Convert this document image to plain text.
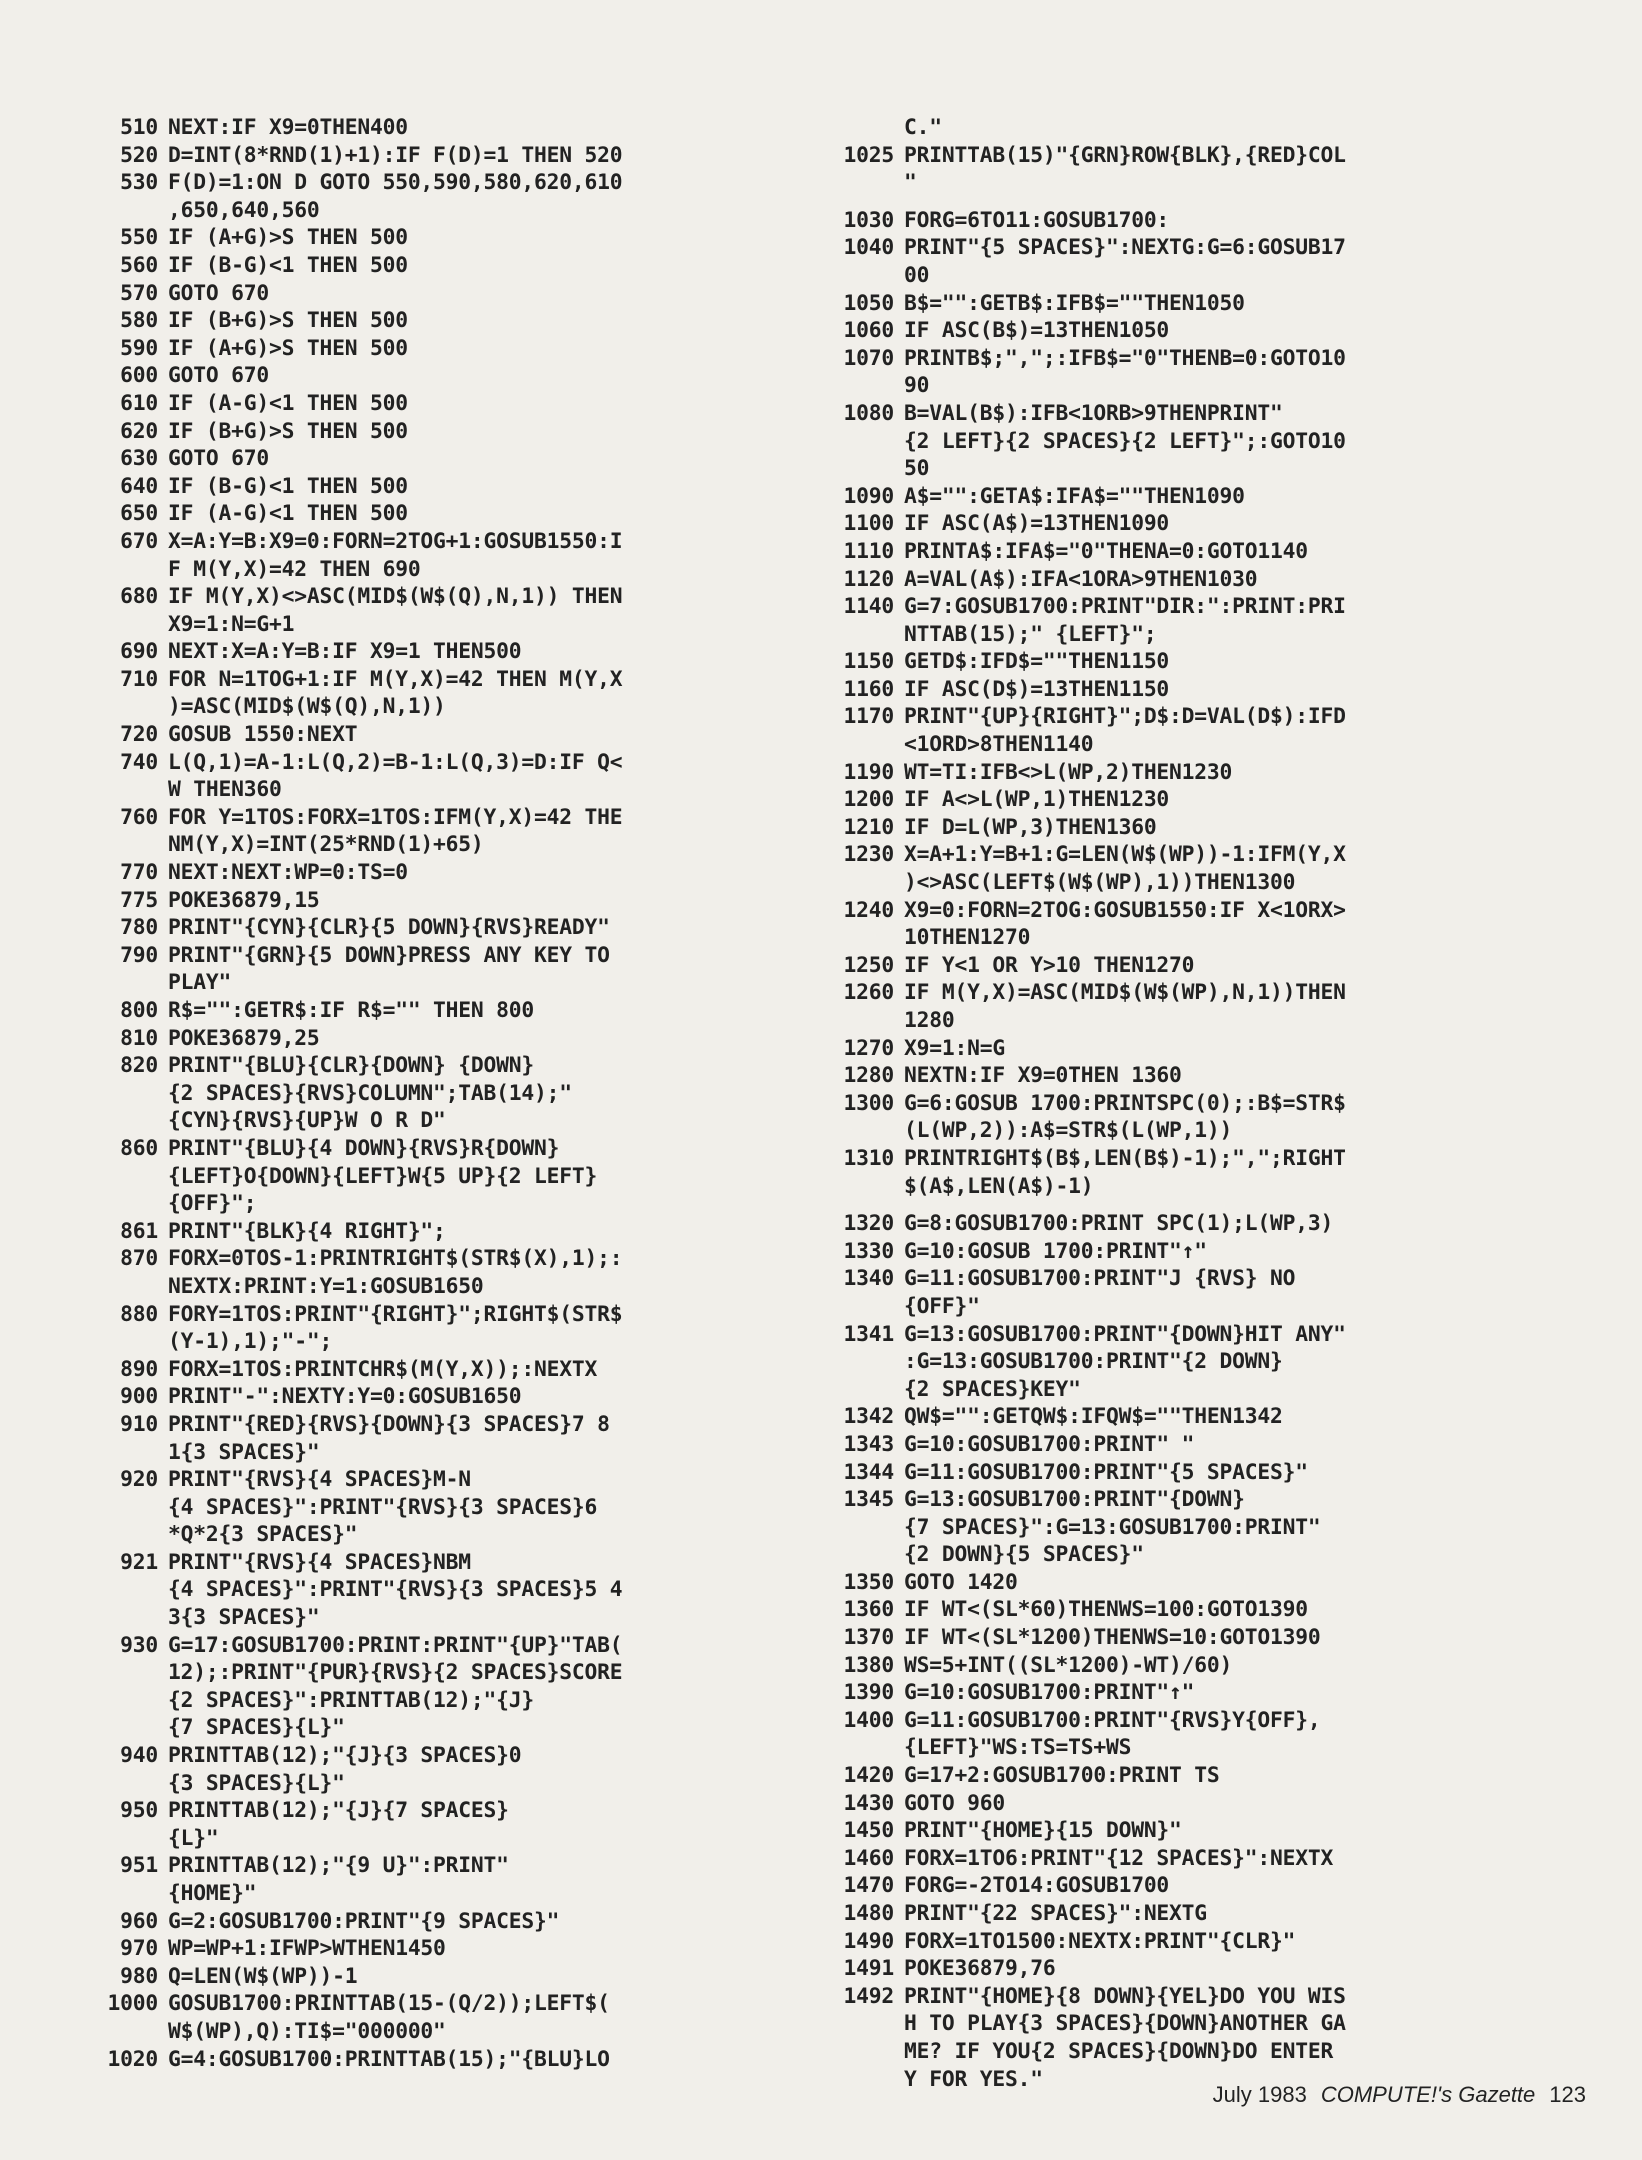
510 NEXT:IF X9=0THEN400
520 D=INT(8*RND(1)+1):IF F(D)=1 THEN 520
530 F(D)=1:ON D GOTO 550,590,580,620,610
,650,640,560
550 IF (A+G)>S THEN 500
560 IF (B-G)<1 THEN 500
570 GOTO 670
580 IF (B+G)>S THEN 500
590 IF (A+G)>S THEN 500
600 GOTO 670
610 IF (A-G)<1 THEN 500
620 IF (B+G)>S THEN 500
630 GOTO 670
640 IF (B-G)<1 THEN 500
650 IF (A-G)<1 THEN 500
670 X=A:Y=B:X9=0:FORN=2TOG+1:GOSUB1550:I
F M(Y,X)=42 THEN 690
680 IF M(Y,X)<>ASC(MID$(W$(Q),N,1)) THEN
X9=1:N=G+1
690 NEXT:X=A:Y=B:IF X9=1 THEN500
710 FOR N=1TOG+1:IF M(Y,X)=42 THEN M(Y,X
)=ASC(MID$(W$(Q),N,1))
720 GOSUB 1550:NEXT
740 L(Q,1)=A-1:L(Q,2)=B-1:L(Q,3)=D:IF Q<
W THEN360
760 FOR Y=1TOS:FORX=1TOS:IFM(Y,X)=42 THE
NM(Y,X)=INT(25*RND(1)+65)
770 NEXT:NEXT:WP=0:TS=0
775 POKE36879,15
780 PRINT"{CYN}{CLR}{5 DOWN}{RVS}READY"
790 PRINT"{GRN}{5 DOWN}PRESS ANY KEY TO
PLAY"
800 R$="":GETR$:IF R$="" THEN 800
810 POKE36879,25
820 PRINT"{BLU}{CLR}{DOWN} {DOWN}
{2 SPACES}{RVS}COLUMN";TAB(14);"
{CYN}{RVS}{UP}W O R D"
860 PRINT"{BLU}{4 DOWN}{RVS}R{DOWN}
{LEFT}O{DOWN}{LEFT}W{5 UP}{2 LEFT}
{OFF}";
861 PRINT"{BLK}{4 RIGHT}";
870 FORX=0TOS-1:PRINTRIGHT$(STR$(X),1);:
NEXTX:PRINT:Y=1:GOSUB1650
880 FORY=1TOS:PRINT"{RIGHT}";RIGHT$(STR$
(Y-1),1);"-";
890 FORX=1TOS:PRINTCHR$(M(Y,X));:NEXTX
900 PRINT"-":NEXTY:Y=0:GOSUB1650
910 PRINT"{RED}{RVS}{DOWN}{3 SPACES}7 8
1{3 SPACES}"
920 PRINT"{RVS}{4 SPACES}M-N
{4 SPACES}":PRINT"{RVS}{3 SPACES}6
*Q*2{3 SPACES}"
921 PRINT"{RVS}{4 SPACES}NBM
{4 SPACES}":PRINT"{RVS}{3 SPACES}5 4
3{3 SPACES}"
930 G=17:GOSUB1700:PRINT:PRINT"{UP}"TAB(
12);:PRINT"{PUR}{RVS}{2 SPACES}SCORE
{2 SPACES}":PRINTTAB(12);"{J}
{7 SPACES}{L}"
940 PRINTTAB(12);"{J}{3 SPACES}0
{3 SPACES}{L}"
950 PRINTTAB(12);"{J}{7 SPACES}
{L}"
951 PRINTTAB(12);"{9 U}":PRINT"
{HOME}"
960 G=2:GOSUB1700:PRINT"{9 SPACES}"
970 WP=WP+1:IFWP>WTHEN1450
980 Q=LEN(W$(WP))-1
1000 GOSUB1700:PRINTTAB(15-(Q/2));LEFT$(
W$(WP),Q):TI$="000000"
1020 G=4:GOSUB1700:PRINTTAB(15);"{BLU}LO
C."
1025 PRINTTAB(15)"{GRN}ROW{BLK},{RED}COL
"
1030 FORG=6TO11:GOSUB1700:
1040 PRINT"{5 SPACES}":NEXTG:G=6:GOSUB17
00
1050 B$="":GETB$:IFB$=""THEN1050
1060 IF ASC(B$)=13THEN1050
1070 PRINTB$;",";:IFB$="0"THENB=0:GOTO10
90
1080 B=VAL(B$):IFB<1ORB>9THENPRINT"
{2 LEFT}{2 SPACES}{2 LEFT}";:GOTO10
50
1090 A$="":GETA$:IFA$=""THEN1090
1100 IF ASC(A$)=13THEN1090
1110 PRINTA$:IFA$="0"THENA=0:GOTO1140
1120 A=VAL(A$):IFA<1ORA>9THEN1030
1140 G=7:GOSUB1700:PRINT"DIR:":PRINT:PRI
NTTAB(15);" {LEFT}";
1150 GETD$:IFD$=""THEN1150
1160 IF ASC(D$)=13THEN1150
1170 PRINT"{UP}{RIGHT}";D$:D=VAL(D$):IFD
<1ORD>8THEN1140
1190 WT=TI:IFB<>L(WP,2)THEN1230
1200 IF A<>L(WP,1)THEN1230
1210 IF D=L(WP,3)THEN1360
1230 X=A+1:Y=B+1:G=LEN(W$(WP))-1:IFM(Y,X
)<>ASC(LEFT$(W$(WP),1))THEN1300
1240 X9=0:FORN=2TOG:GOSUB1550:IF X<1ORX>
10THEN1270
1250 IF Y<1 OR Y>10 THEN1270
1260 IF M(Y,X)=ASC(MID$(W$(WP),N,1))THEN
1280
1270 X9=1:N=G
1280 NEXTN:IF X9=0THEN 1360
1300 G=6:GOSUB 1700:PRINTSPC(0);:B$=STR$
(L(WP,2)):A$=STR$(L(WP,1))
1310 PRINTRIGHT$(B$,LEN(B$)-1);",";RIGHT
$(A$,LEN(A$)-1)
1320 G=8:GOSUB1700:PRINT SPC(1);L(WP,3)
1330 G=10:GOSUB 1700:PRINT"↑"
1340 G=11:GOSUB1700:PRINT"J {RVS} NO
{OFF}"
1341 G=13:GOSUB1700:PRINT"{DOWN}HIT ANY"
:G=13:GOSUB1700:PRINT"{2 DOWN}
{2 SPACES}KEY"
1342 QW$="":GETQW$:IFQW$=""THEN1342
1343 G=10:GOSUB1700:PRINT" "
1344 G=11:GOSUB1700:PRINT"{5 SPACES}"
1345 G=13:GOSUB1700:PRINT"{DOWN}
{7 SPACES}":G=13:GOSUB1700:PRINT"
{2 DOWN}{5 SPACES}"
1350 GOTO 1420
1360 IF WT<(SL*60)THENWS=100:GOTO1390
1370 IF WT<(SL*1200)THENWS=10:GOTO1390
1380 WS=5+INT((SL*1200)-WT)/60)
1390 G=10:GOSUB1700:PRINT"↑"
1400 G=11:GOSUB1700:PRINT"{RVS}Y{OFF},
{LEFT}"WS:TS=TS+WS
1420 G=17+2:GOSUB1700:PRINT TS
1430 GOTO 960
1450 PRINT"{HOME}{15 DOWN}"
1460 FORX=1TO6:PRINT"{12 SPACES}":NEXTX
1470 FORG=-2TO14:GOSUB1700
1480 PRINT"{22 SPACES}":NEXTG
1490 FORX=1TO1500:NEXTX:PRINT"{CLR}"
1491 POKE36879,76
1492 PRINT"{HOME}{8 DOWN}{YEL}DO YOU WIS
H TO PLAY{3 SPACES}{DOWN}ANOTHER GA
ME? IF YOU{2 SPACES}{DOWN}DO ENTER
Y FOR YES."
July 1983 COMPUTE!'s Gazette 123
